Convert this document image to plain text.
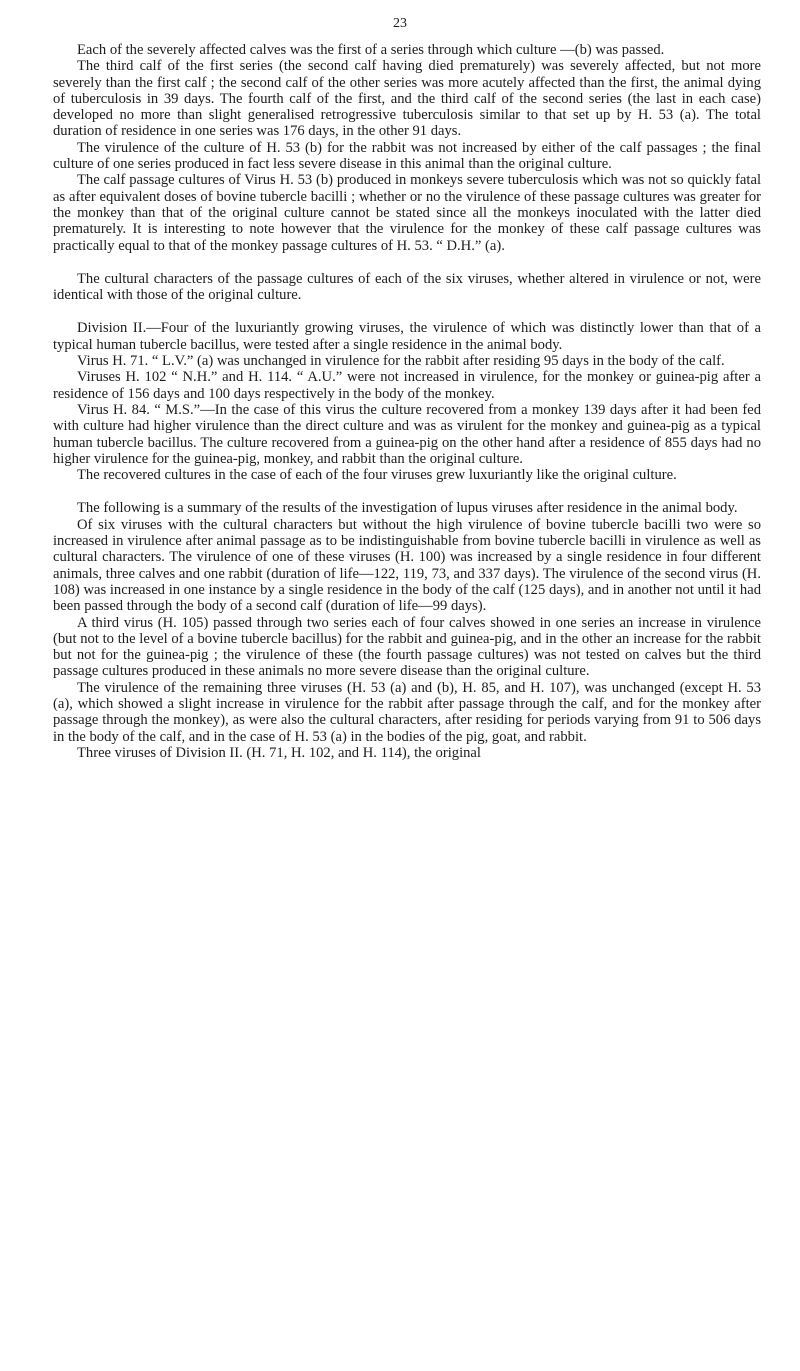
23

Each of the severely affected calves was the first of a series through which culture —(b) was passed.

The third calf of the first series (the second calf having died prematurely) was severely affected, but not more severely than the first calf ; the second calf of the other series was more acutely affected than the first, the animal dying of tuberculosis in 39 days. The fourth calf of the first, and the third calf of the second series (the last in each case) developed no more than slight generalised retrogressive tuberculosis similar to that set up by H. 53 (a). The total duration of residence in one series was 176 days, in the other 91 days.

The virulence of the culture of H. 53 (b) for the rabbit was not increased by either of the calf passages ; the final culture of one series produced in fact less severe disease in this animal than the original culture.

The calf passage cultures of Virus H. 53 (b) produced in monkeys severe tuberculosis which was not so quickly fatal as after equivalent doses of bovine tubercle bacilli ; whether or no the virulence of these passage cultures was greater for the monkey than that of the original culture cannot be stated since all the monkeys inoculated with the latter died prematurely. It is interesting to note however that the virulence for the monkey of these calf passage cultures was practically equal to that of the monkey passage cultures of H. 53. “ D.H.” (a).

The cultural characters of the passage cultures of each of the six viruses, whether altered in virulence or not, were identical with those of the original culture.

Division II.—Four of the luxuriantly growing viruses, the virulence of which was distinctly lower than that of a typical human tubercle bacillus, were tested after a single residence in the animal body.

Virus H. 71. “ L.V.” (a) was unchanged in virulence for the rabbit after residing 95 days in the body of the calf.

Viruses H. 102 “ N.H.” and H. 114. “ A.U.” were not increased in virulence, for the monkey or guinea-pig after a residence of 156 days and 100 days respectively in the body of the monkey.

Virus H. 84. “ M.S.”—In the case of this virus the culture recovered from a monkey 139 days after it had been fed with culture had higher virulence than the direct culture and was as virulent for the monkey and guinea-pig as a typical human tubercle bacillus. The culture recovered from a guinea-pig on the other hand after a residence of 855 days had no higher virulence for the guinea-pig, monkey, and rabbit than the original culture.

The recovered cultures in the case of each of the four viruses grew luxuriantly like the original culture.

The following is a summary of the results of the investigation of lupus viruses after residence in the animal body.

Of six viruses with the cultural characters but without the high virulence of bovine tubercle bacilli two were so increased in virulence after animal passage as to be indistinguishable from bovine tubercle bacilli in virulence as well as cultural characters. The virulence of one of these viruses (H. 100) was increased by a single residence in four different animals, three calves and one rabbit (duration of life—122, 119, 73, and 337 days). The virulence of the second virus (H. 108) was increased in one instance by a single residence in the body of the calf (125 days), and in another not until it had been passed through the body of a second calf (duration of life—99 days).

A third virus (H. 105) passed through two series each of four calves showed in one series an increase in virulence (but not to the level of a bovine tubercle bacillus) for the rabbit and guinea-pig, and in the other an increase for the rabbit but not for the guinea-pig ; the virulence of these (the fourth passage cultures) was not tested on calves but the third passage cultures produced in these animals no more severe disease than the original culture.

The virulence of the remaining three viruses (H. 53 (a) and (b), H. 85, and H. 107), was unchanged (except H. 53 (a), which showed a slight increase in virulence for the rabbit after passage through the calf, and for the monkey after passage through the monkey), as were also the cultural characters, after residing for periods varying from 91 to 506 days in the body of the calf, and in the case of H. 53 (a) in the bodies of the pig, goat, and rabbit.

Three viruses of Division II. (H. 71, H. 102, and H. 114), the original
